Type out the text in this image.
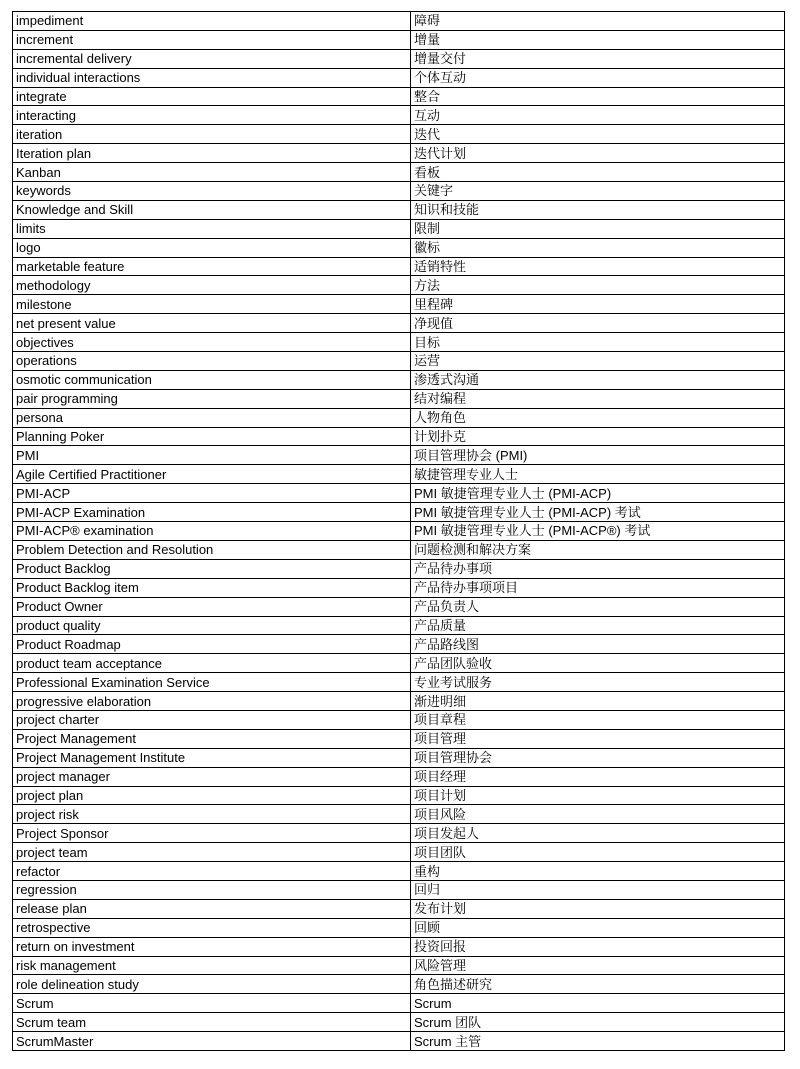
impediment	障碍
increment	增量
incremental delivery	增量交付
individual interactions	个体互动
integrate	整合
interacting	互动
iteration	迭代
Iteration plan	迭代计划
Kanban	看板
keywords	关键字
Knowledge and Skill	知识和技能
limits	限制
logo	徽标
marketable feature	适销特性
methodology	方法
milestone	里程碑
net present value	净现值
objectives	目标
operations	运营
osmotic communication	渗透式沟通
pair programming	结对编程
persona	人物角色
Planning Poker	计划扑克
PMI	项目管理协会 (PMI)
Agile Certified Practitioner	敏捷管理专业人士
PMI-ACP	PMI 敏捷管理专业人士 (PMI-ACP)
PMI-ACP Examination	PMI 敏捷管理专业人士 (PMI-ACP) 考试
PMI-ACP® examination	PMI 敏捷管理专业人士 (PMI-ACP®) 考试
Problem Detection and Resolution	问题检测和解决方案
Product Backlog	产品待办事项
Product Backlog item	产品待办事项项目
Product Owner	产品负责人
product quality	产品质量
Product Roadmap	产品路线图
product team acceptance	产品团队验收
Professional Examination Service	专业考试服务
progressive elaboration	渐进明细
project charter	项目章程
Project Management	项目管理
Project Management Institute	项目管理协会
project manager	项目经理
project plan	项目计划
project risk	项目风险
Project Sponsor	项目发起人
project team	项目团队
refactor	重构
regression	回归
release plan	发布计划
retrospective	回顾
return on investment	投资回报
risk management	风险管理
role delineation study	角色描述研究
Scrum	Scrum
Scrum team	Scrum 团队
ScrumMaster	Scrum 主管
